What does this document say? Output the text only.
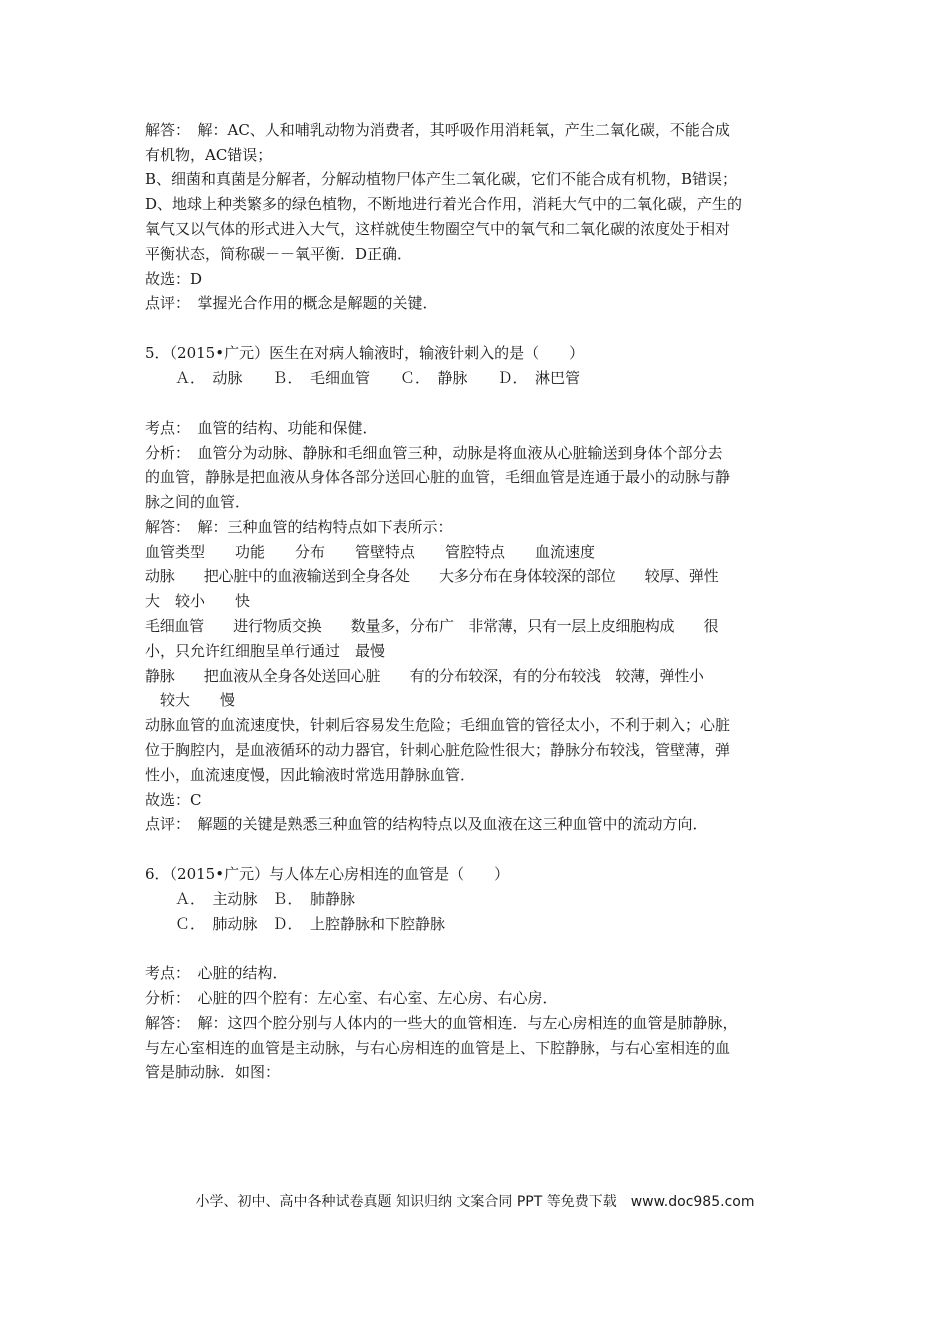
解答：　解：AC、人和哺乳动物为消费者，其呼吸作用消耗氧，产生二氧化碳，不能合成
有机物，AC错误；
B、细菌和真菌是分解者，分解动植物尸体产生二氧化碳，它们不能合成有机物，B错误；
D、地球上种类繁多的绿色植物，不断地进行着光合作用，消耗大气中的二氧化碳，产生的
氧气又以气体的形式进入大气，这样就使生物圈空气中的氧气和二氧化碳的浓度处于相对
平衡状态，简称碳－－氧平衡．D正确．
故选：D
点评：　掌握光合作用的概念是解题的关键．
5．（2015•广元）医生在对病人输液时，输液针刺入的是（　　）
Ａ．　动脉　　Ｂ．　毛细血管　　Ｃ．　静脉　　Ｄ．　淋巴管
考点：　血管的结构、功能和保健．
分析：　血管分为动脉、静脉和毛细血管三种，动脉是将血液从心脏输送到身体个部分去
的血管，静脉是把血液从身体各部分送回心脏的血管，毛细血管是连通于最小的动脉与静
脉之间的血管．
解答：　解：三种血管的结构特点如下表所示：
血管类型　　功能　　分布　　管壁特点　　管腔特点　　血流速度
动脉　　把心脏中的血液输送到全身各处　　大多分布在身体较深的部位　　较厚、弹性
大　较小　　快
毛细血管　　进行物质交换　　数量多，分布广　非常薄，只有一层上皮细胞构成　　很
小，只允许红细胞呈单行通过　最慢
静脉　　把血液从全身各处送回心脏　　有的分布较深，有的分布较浅　较薄，弹性小
　较大　　慢
动脉血管的血流速度快，针刺后容易发生危险；毛细血管的管径太小，不利于刺入；心脏
位于胸腔内，是血液循环的动力器官，针刺心脏危险性很大；静脉分布较浅，管壁薄，弹
性小，血流速度慢，因此输液时常选用静脉血管．
故选：C
点评：　解题的关键是熟悉三种血管的结构特点以及血液在这三种血管中的流动方向．
6．（2015•广元）与人体左心房相连的血管是（　　）
Ａ．　主动脉　Ｂ．　肺静脉
Ｃ．　肺动脉　Ｄ．　上腔静脉和下腔静脉
考点：　心脏的结构．
分析：　心脏的四个腔有：左心室、右心室、左心房、右心房．
解答：　解：这四个腔分别与人体内的一些大的血管相连．与左心房相连的血管是肺静脉，
与左心室相连的血管是主动脉，与右心房相连的血管是上、下腔静脉，与右心室相连的血
管是肺动脉．如图：
小学、初中、高中各种试卷真题 知识归纳 文案合同 PPT 等免费下载　www.doc985.com
